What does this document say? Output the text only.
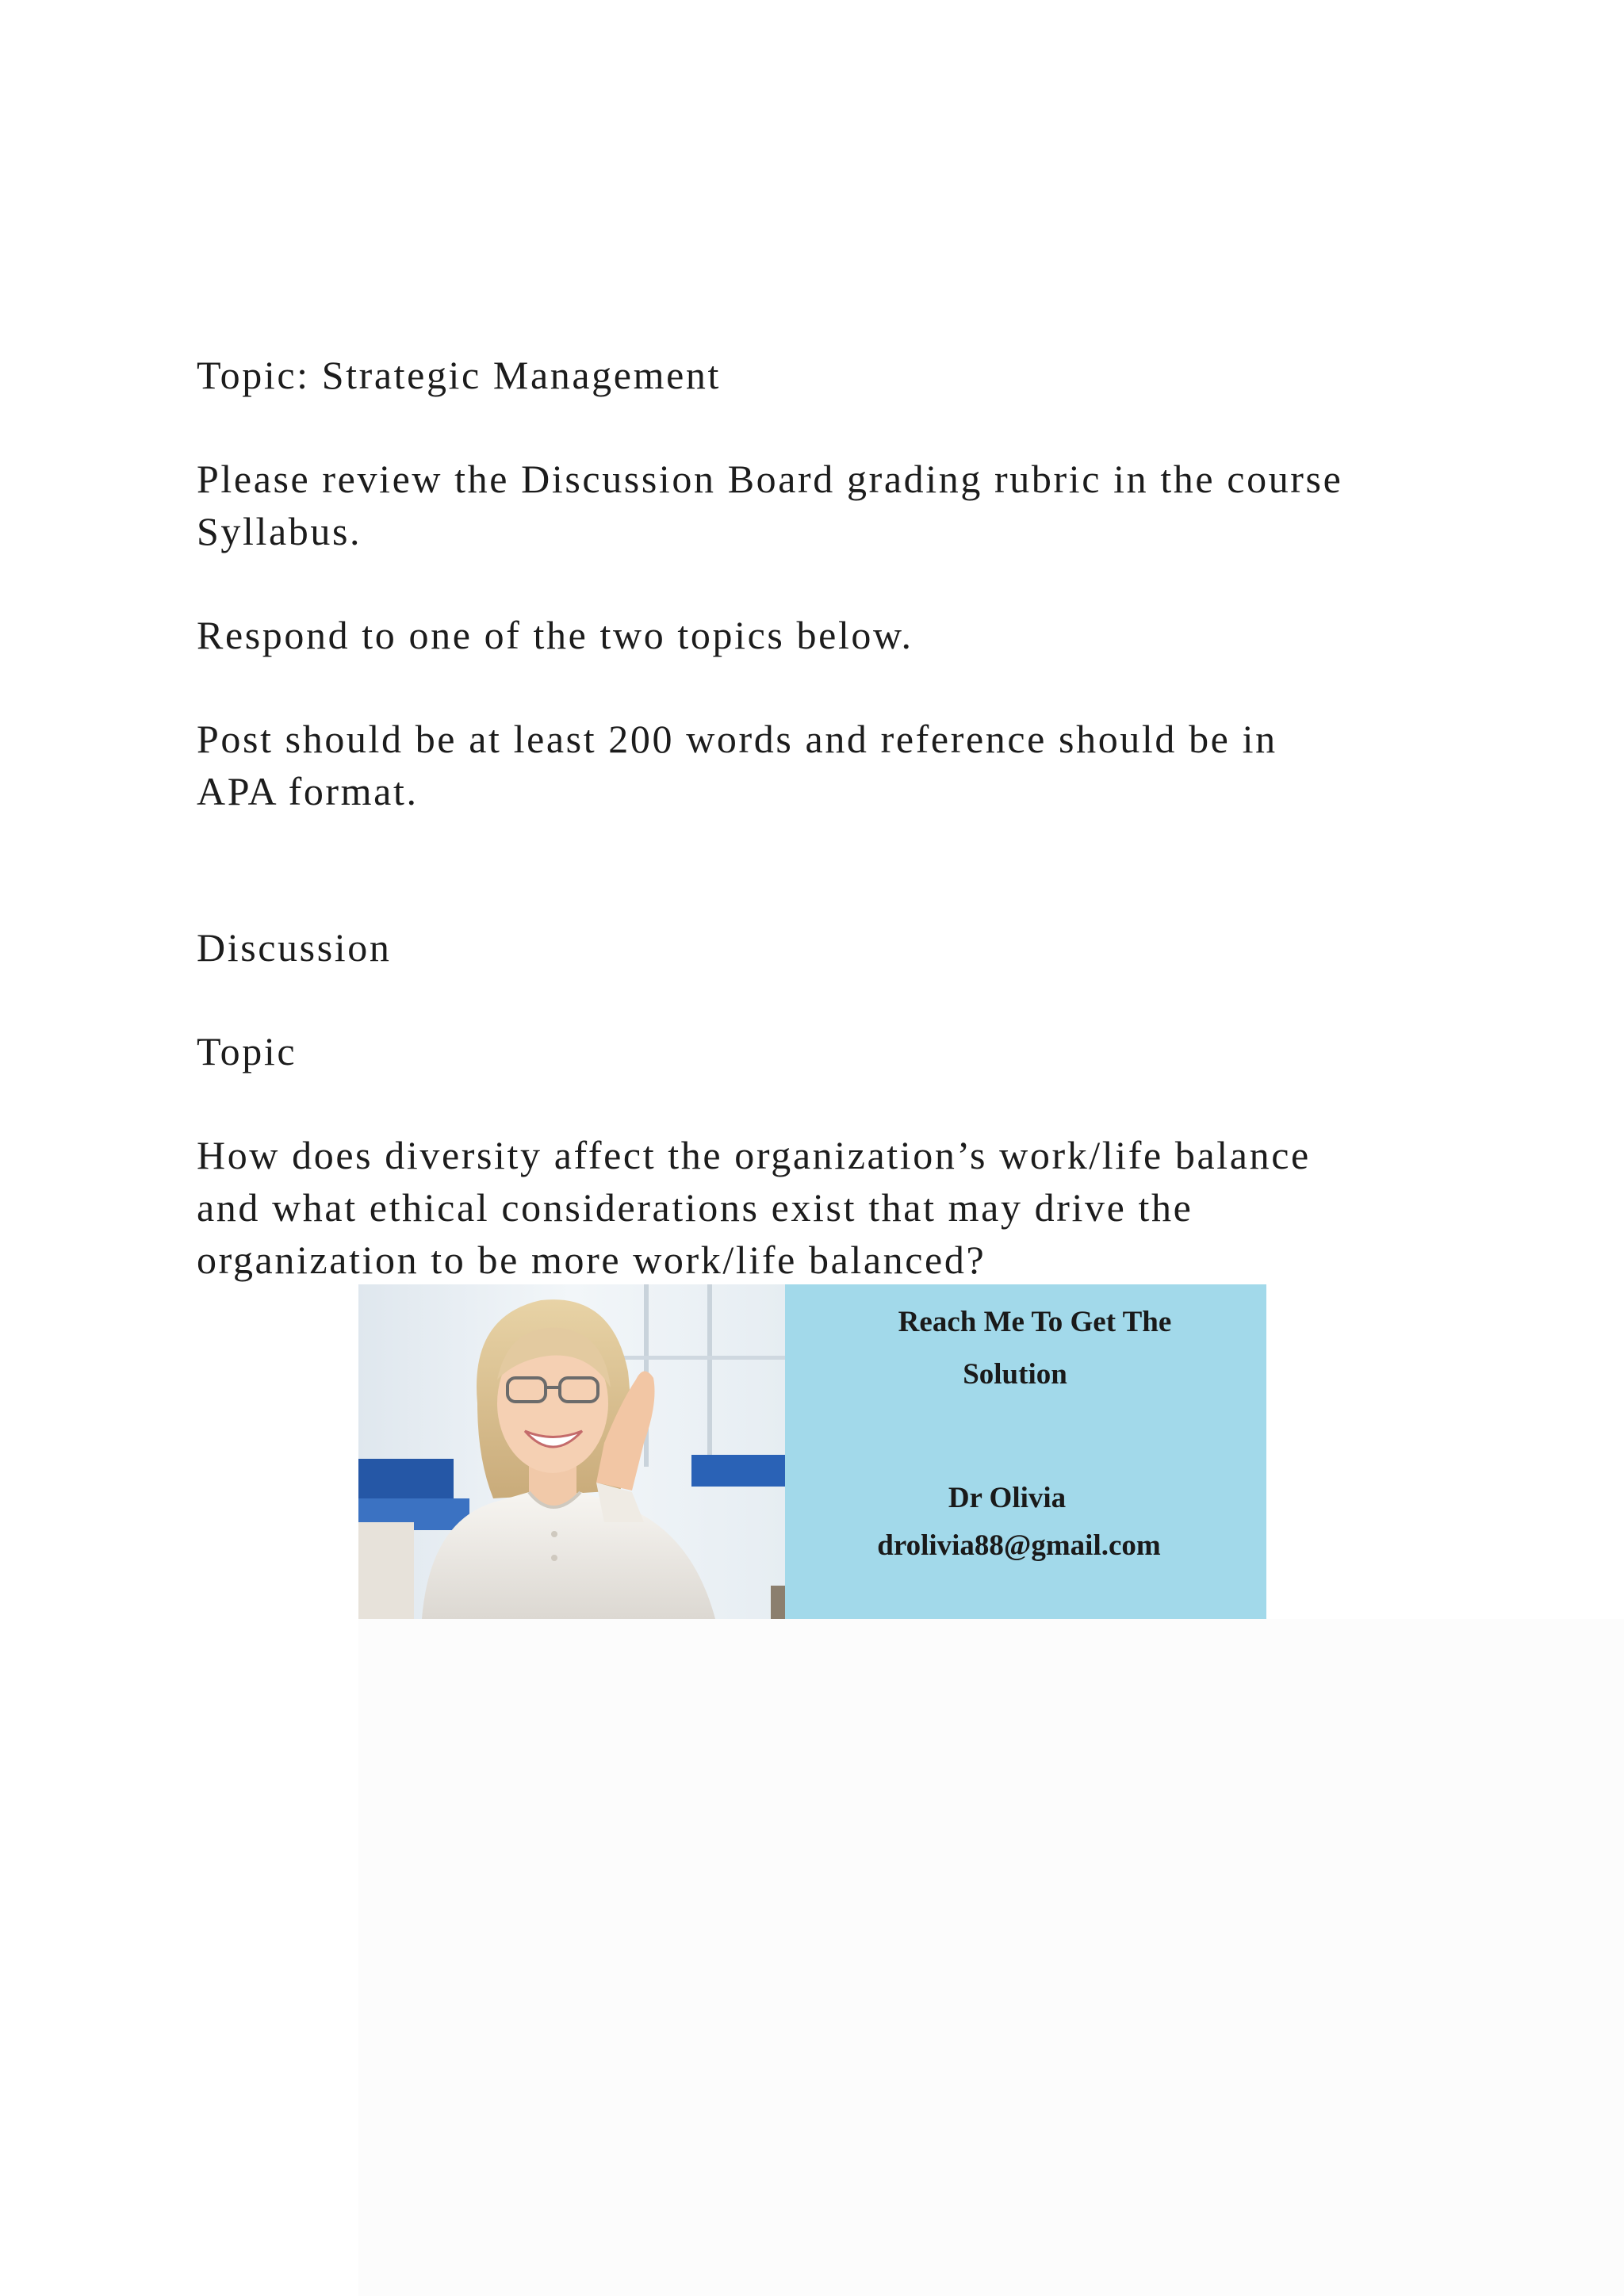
Topic: Strategic Management

Please review the Discussion Board grading rubric in the course
Syllabus.

Respond to one of the two topics below.

Post should be at least 200 words and reference should be in
APA format.

Discussion

Topic

How does diversity affect the organization’s work/life balance
and what ethical considerations exist that may drive the
organization to be more work/life balanced?

Reach Me To Get The
Solution
Dr Olivia
drolivia88@gmail.com
